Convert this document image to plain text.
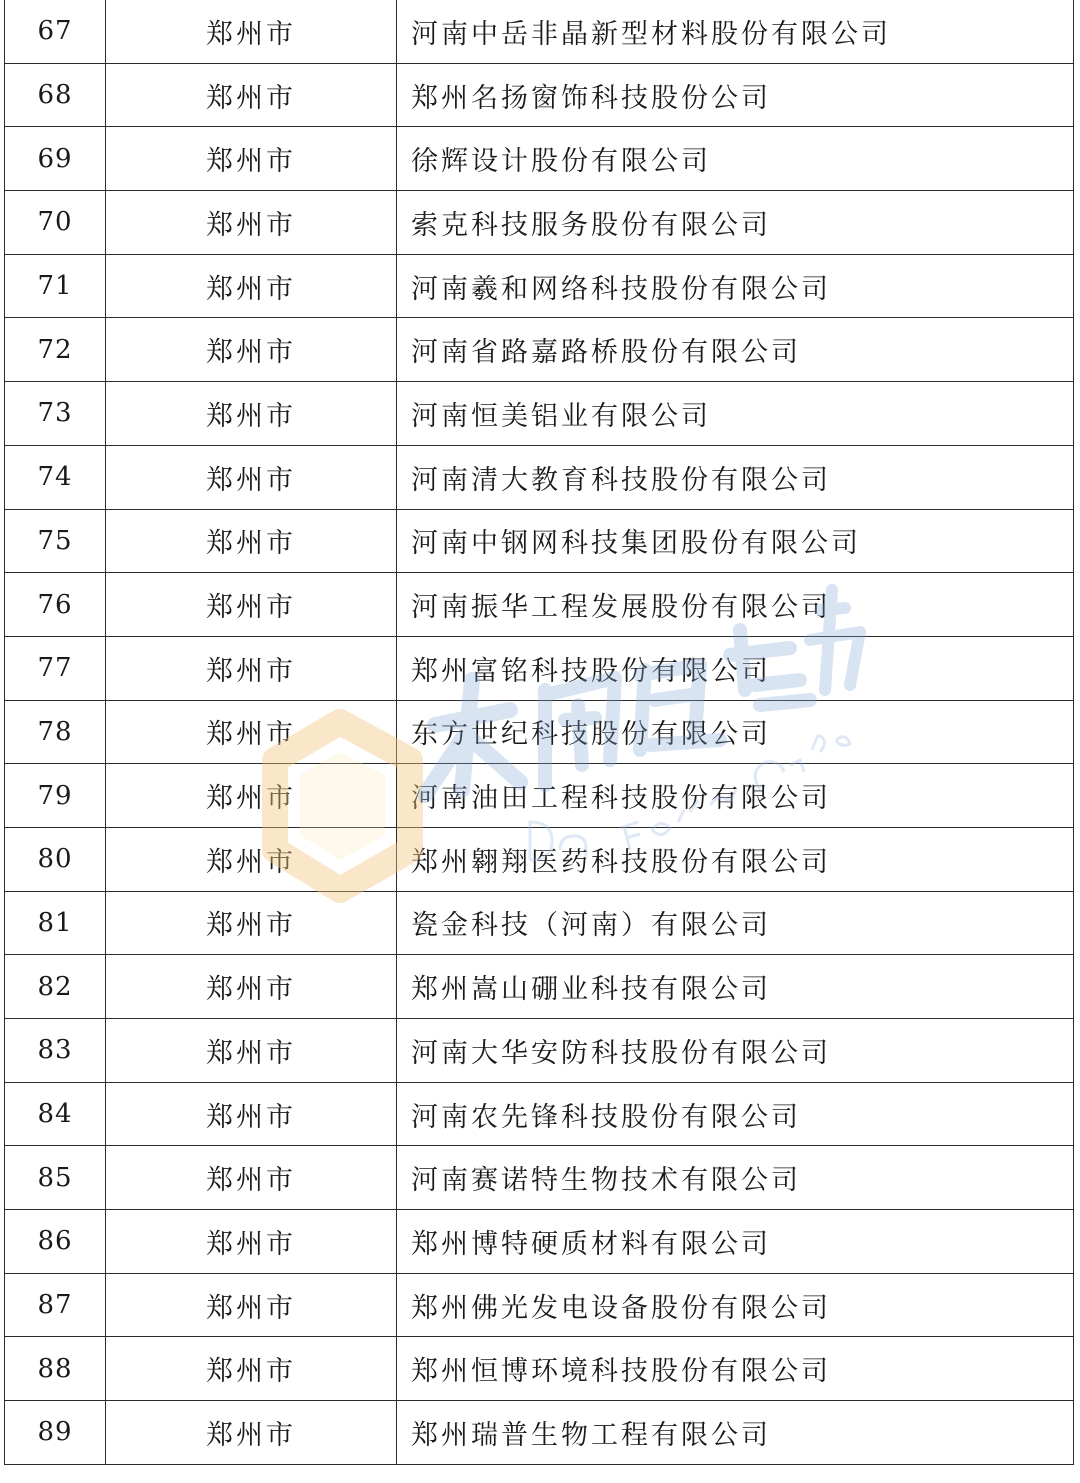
67	郑州市	河南中岳非晶新型材料股份有限公司
68	郑州市	郑州名扬窗饰科技股份公司
69	郑州市	徐辉设计股份有限公司
70	郑州市	索克科技服务股份有限公司
71	郑州市	河南羲和网络科技股份有限公司
72	郑州市	河南省路嘉路桥股份有限公司
73	郑州市	河南恒美铝业有限公司
74	郑州市	河南清大教育科技股份有限公司
75	郑州市	河南中钢网科技集团股份有限公司
76	郑州市	河南振华工程发展股份有限公司
77	郑州市	郑州富铭科技股份有限公司
78	郑州市	东方世纪科技股份有限公司
79	郑州市	河南油田工程科技股份有限公司
80	郑州市	郑州翱翔医药科技股份有限公司
81	郑州市	瓷金科技（河南）有限公司
82	郑州市	郑州嵩山硼业科技有限公司
83	郑州市	河南大华安防科技股份有限公司
84	郑州市	河南农先锋科技股份有限公司
85	郑州市	河南赛诺特生物技术有限公司
86	郑州市	郑州博特硬质材料有限公司
87	郑州市	郑州佛光发电设备股份有限公司
88	郑州市	郑州恒博环境科技股份有限公司
89	郑州市	郑州瑞普生物工程有限公司
